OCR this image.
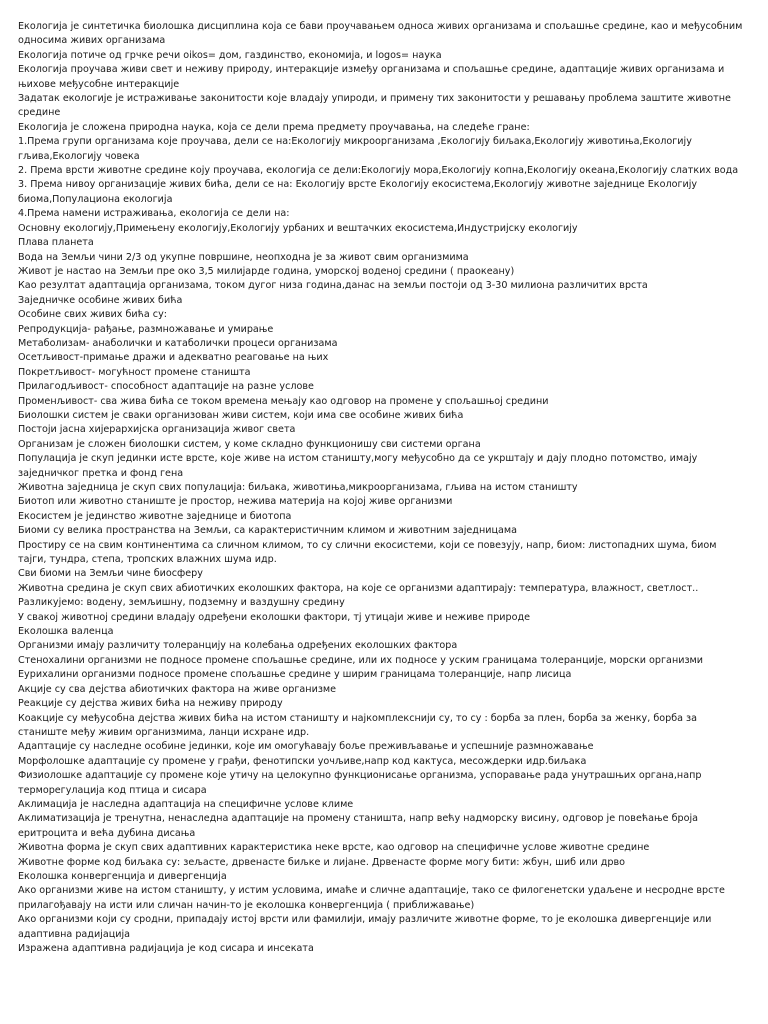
Екологија је синтетичка биолошка дисциплина која се бави проучавањем односа живих организама и спољашње средине, као и међусобним односима живих организама

Екологија потиче од грчке речи oikos= дом, газдинство, економија, и logos= наука

Екологија проучава живи свет и неживу природу, интеракције између организама и спољашње средине, адаптације живих организама и њихове међусобне интеракције

Задатак екологије је истраживање законитости које владају упироди, и примену тих законитости у решавању проблема заштите животне средине

Екологија је сложена природна наука, која се дели према предмету проучавања, на следеће гране:

1.Према групи организама које проучава, дели се на:Екологију микроорганизама ,Екологију биљака,Екологију животиња,Екологију гљива,Екологију човека

2. Према врсти животне средине коју проучава, екологија се дели:Екологију мора,Екологију копна,Екологију океана,Екологију слатких вода

3. Према нивоу организације живих бића, дели се на: Екологију врсте Екологију екосистема,Екологију животне заједнице Екологију биома,Популациона екологија

4.Према намени истраживања, екологија се дели на:

Основну екологију,Примењену екологију,Екологију урбаних и вештачких екосистема,Индустријску екологију

Плава планета

Вода на Земљи чини 2/3 од укупне површине, неопходна је за живот свим организмима

Живот је настао на Земљи пре око 3,5 милијарде година, уморској воденој средини ( праокеану)

Као резултат адаптација организама, током дугог низа година,данас на земљи постоји од 3-30 милиона различитих врста

Заједничке особине живих бића

Особине свих живих бића су:

Репродукција- рађање, размножавање и умирање

Метаболизам- анаболички и катаболички процеси организама

Осетљивост-примање дражи и адекватно реаговање на њих

Покретљивост- могућност промене станишта

Прилагодљивост- способност адаптације на разне услове

Променљивост- сва жива бића се током времена мењају као одговор на промене у спољашњој средини

Биолошки систем је сваки организован живи систем, који има све особине живих бића

Постоји јасна хијерархијска организација живог света

Организам је сложен биолошки систем, у коме складно функционишу сви системи органа

Популација је скуп јединки исте врсте, које живе на истом станишту,могу међусобно да се укрштају и дају плодно потомство, имају заједничког претка и фонд гена

Животна заједница је скуп свих популација: биљака, животиња,микроорганизама, гљива на истом станишту

Биотоп или животно станиште је простор, нежива материја на којој живе организми

Екосистем је јединство животне заједнице и биотопа

Биоми су велика пространства на Земљи, са карактеристичним климом и животним заједницама

Простиру се на свим континентима са сличном климом, то су слични екосистеми, који се повезују, напр, биом: листопадних шума, биом тајги, тундра, степа, тропских влажних шума идр.

Сви биоми на Земљи чине биосферу

Животна средина је скуп свих абиотичких еколошких фактора, на које се организми адаптирају: температура, влажност, светлост..

Разликујемо: водену, земљишну, подземну и ваздушну средину

У свакој животној средини владају одређени еколошки фактори, тј утицаји живе и неживе природе

Еколошка валенца

Организми имају различиту толеранцију на колебања одређених еколошких фактора

Стенохалини организми не подносе промене спољашње средине, или их подносе у уским границама толеранције, морски организми

Еурихалини организми подносе промене спољашње средине у ширим границама толеранције, напр лисица

Акције су сва дејства абиотичких фактора на живе организме

Реакције су дејства живих бића на неживу природу

Коакције су међусобна дејства живих бића на истом станишту и најкомплекснији су, то су : борба за плен, борба за женку, борба за станиште међу живим организмима, ланци исхране идр.

Адаптације су наследне особине јединки, које им омогућавају боље преживљавање и успешније размножавање

Морфолошке адаптације су промене у грађи, фенотипски уочљиве,напр код кактуса, месождерки идр.биљака

Физиолошке адаптације су промене које утичу на целокупно функционисање организма, успоравање рада унутрашњих органа,напр терморегулација код птица и сисара

Аклимација је наследна адаптација на специфичне услове климе

Аклиматизација је тренутна, ненаследна адаптације на промену станишта, напр већу надморску висину, одговор је повећање броја еритроцита и већа дубина дисања

Животна форма је скуп свих адаптивних карактеристика неке врсте, као одговор на специфичне услове животне средине

Животне форме код биљака су: зељасте, дрвенасте биљке и лијане. Дрвенасте форме могу бити: жбун, шиб или дрво

Еколошка конвергенција и дивергенција

Ако организми живе на истом станишту, у истим условима, имаће и сличне адаптације, тако се филогенетски удаљене и несродне врсте прилагођавају на исти или сличан начин-то је еколошка конвергенција ( приближавање)

Ако организми који су сродни, припадају истој врсти или фамилији, имају различите животне форме, то је еколошка дивергенције или адаптивна радијација

Изражена адаптивна радијација је код сисара и инсеката
